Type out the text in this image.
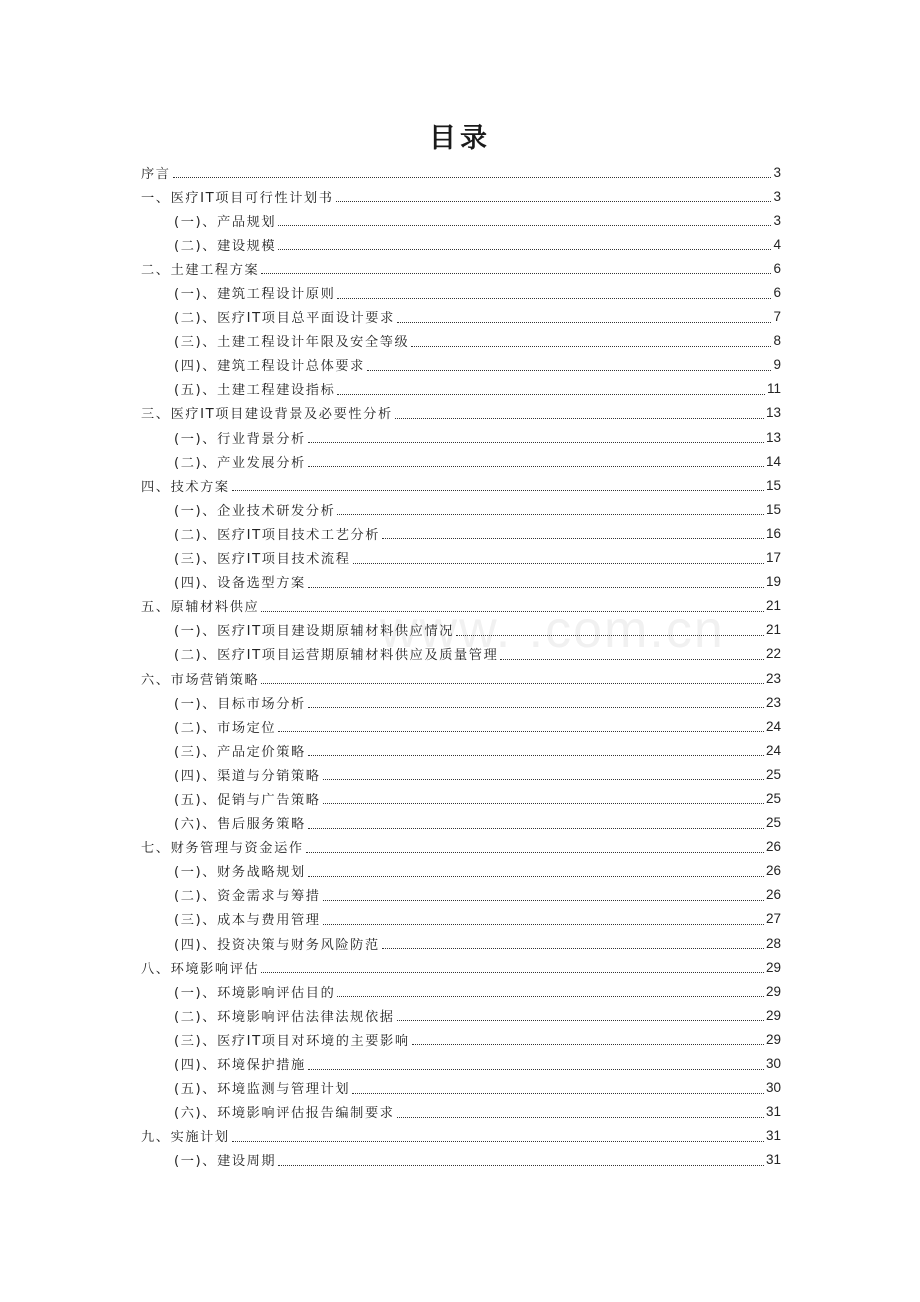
www. .com.cn
目录
序言	3
一、医疗IT项目可行性计划书	3
(一)、产品规划	3
(二)、建设规模	4
二、土建工程方案	6
(一)、建筑工程设计原则	6
(二)、医疗IT项目总平面设计要求	7
(三)、土建工程设计年限及安全等级	8
(四)、建筑工程设计总体要求	9
(五)、土建工程建设指标	11
三、医疗IT项目建设背景及必要性分析	13
(一)、行业背景分析	13
(二)、产业发展分析	14
四、技术方案	15
(一)、企业技术研发分析	15
(二)、医疗IT项目技术工艺分析	16
(三)、医疗IT项目技术流程	17
(四)、设备选型方案	19
五、原辅材料供应	21
(一)、医疗IT项目建设期原辅材料供应情况	21
(二)、医疗IT项目运营期原辅材料供应及质量管理	22
六、市场营销策略	23
(一)、目标市场分析	23
(二)、市场定位	24
(三)、产品定价策略	24
(四)、渠道与分销策略	25
(五)、促销与广告策略	25
(六)、售后服务策略	25
七、财务管理与资金运作	26
(一)、财务战略规划	26
(二)、资金需求与筹措	26
(三)、成本与费用管理	27
(四)、投资决策与财务风险防范	28
八、环境影响评估	29
(一)、环境影响评估目的	29
(二)、环境影响评估法律法规依据	29
(三)、医疗IT项目对环境的主要影响	29
(四)、环境保护措施	30
(五)、环境监测与管理计划	30
(六)、环境影响评估报告编制要求	31
九、实施计划	31
(一)、建设周期	31
